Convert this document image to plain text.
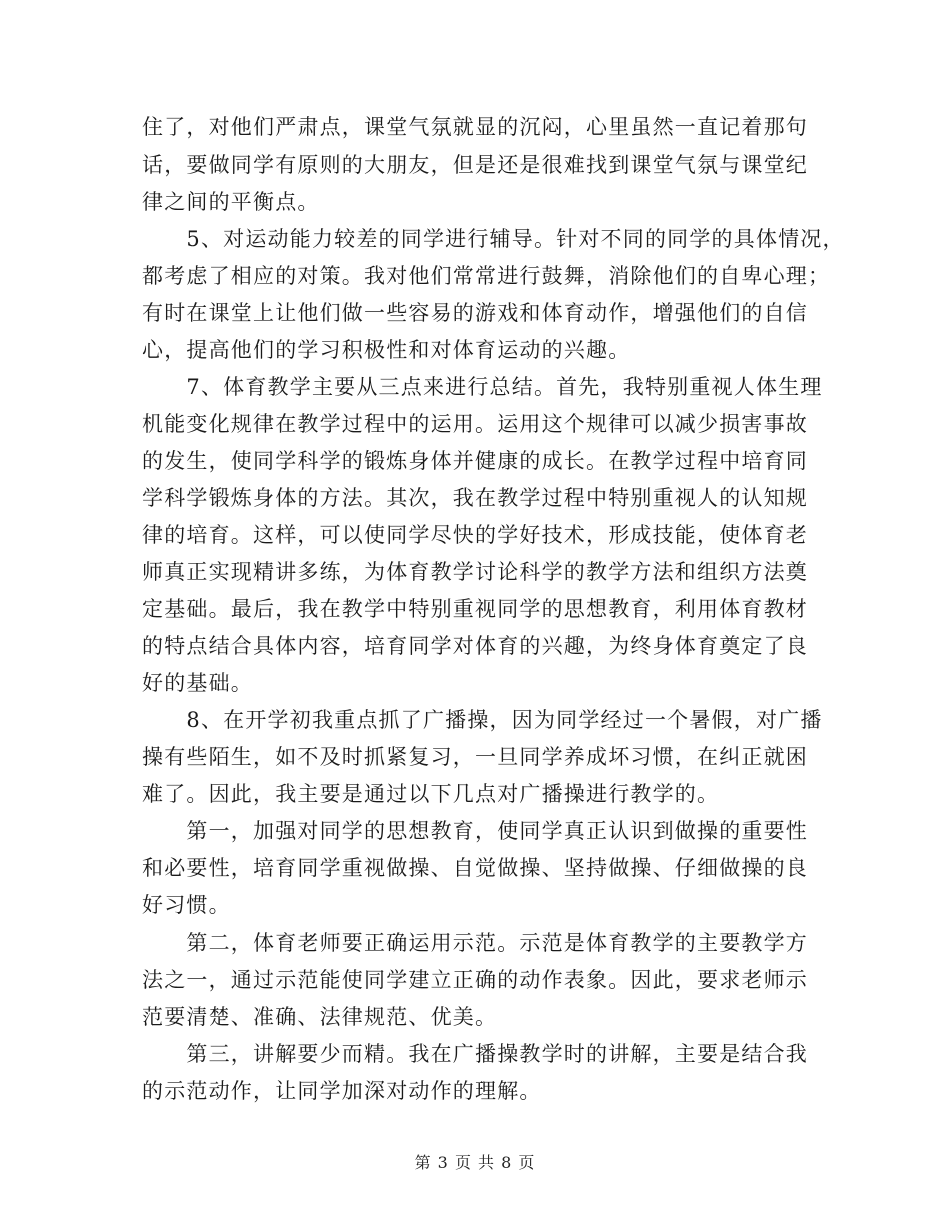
住了，对他们严肃点，课堂气氛就显的沉闷，心里虽然一直记着那句
话，要做同学有原则的大朋友，但是还是很难找到课堂气氛与课堂纪
律之间的平衡点。
　　5、对运动能力较差的同学进行辅导。针对不同的同学的具体情况，
都考虑了相应的对策。我对他们常常进行鼓舞，消除他们的自卑心理；
有时在课堂上让他们做一些容易的游戏和体育动作，增强他们的自信
心，提高他们的学习积极性和对体育运动的兴趣。
　　7、体育教学主要从三点来进行总结。首先，我特别重视人体生理
机能变化规律在教学过程中的运用。运用这个规律可以减少损害事故
的发生，使同学科学的锻炼身体并健康的成长。在教学过程中培育同
学科学锻炼身体的方法。其次，我在教学过程中特别重视人的认知规
律的培育。这样，可以使同学尽快的学好技术，形成技能，使体育老
师真正实现精讲多练，为体育教学讨论科学的教学方法和组织方法奠
定基础。最后，我在教学中特别重视同学的思想教育，利用体育教材
的特点结合具体内容，培育同学对体育的兴趣，为终身体育奠定了良
好的基础。
　　8、在开学初我重点抓了广播操，因为同学经过一个暑假，对广播
操有些陌生，如不及时抓紧复习，一旦同学养成坏习惯，在纠正就困
难了。因此，我主要是通过以下几点对广播操进行教学的。
　　第一，加强对同学的思想教育，使同学真正认识到做操的重要性
和必要性，培育同学重视做操、自觉做操、坚持做操、仔细做操的良
好习惯。
　　第二，体育老师要正确运用示范。示范是体育教学的主要教学方
法之一，通过示范能使同学建立正确的动作表象。因此，要求老师示
范要清楚、准确、法律规范、优美。
　　第三，讲解要少而精。我在广播操教学时的讲解，主要是结合我
的示范动作，让同学加深对动作的理解。
第 3 页 共 8 页
